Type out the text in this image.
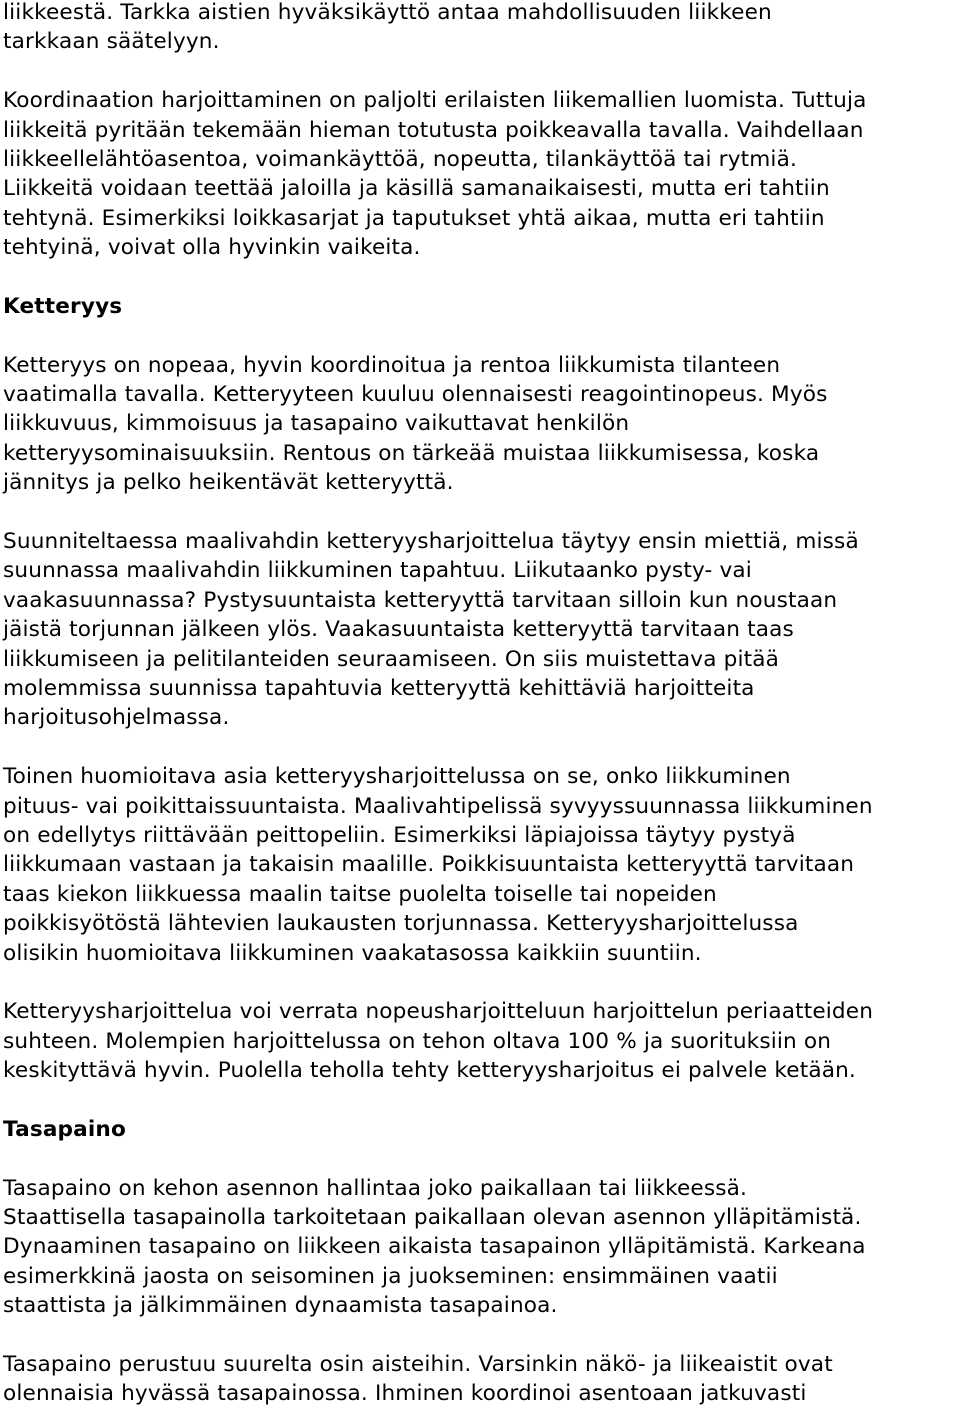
liikkeestä. Tarkka aistien hyväksikäyttö antaa mahdollisuuden liikkeen
tarkkaan säätelyyn.
Koordinaation harjoittaminen on paljolti erilaisten liikemallien luomista. Tuttuja
liikkeitä pyritään tekemään hieman totutusta poikkeavalla tavalla. Vaihdellaan
liikkeellelähtöasentoa, voimankäyttöä, nopeutta, tilankäyttöä tai rytmiä.
Liikkeitä voidaan teettää jaloilla ja käsillä samanaikaisesti, mutta eri tahtiin
tehtynä. Esimerkiksi loikkasarjat ja taputukset yhtä aikaa, mutta eri tahtiin
tehtyinä, voivat olla hyvinkin vaikeita.
Ketteryys
Ketteryys on nopeaa, hyvin koordinoitua ja rentoa liikkumista tilanteen
vaatimalla tavalla. Ketteryyteen kuuluu olennaisesti reagointinopeus. Myös
liikkuvuus, kimmoisuus ja tasapaino vaikuttavat henkilön
ketteryysominaisuuksiin. Rentous on tärkeää muistaa liikkumisessa, koska
jännitys ja pelko heikentävät ketteryyttä.
Suunniteltaessa maalivahdin ketteryysharjoittelua täytyy ensin miettiä, missä
suunnassa maalivahdin liikkuminen tapahtuu. Liikutaanko pysty- vai
vaakasuunnassa? Pystysuuntaista ketteryyttä tarvitaan silloin kun noustaan
jäistä torjunnan jälkeen ylös. Vaakasuuntaista ketteryyttä tarvitaan taas
liikkumiseen ja pelitilanteiden seuraamiseen. On siis muistettava pitää
molemmissa suunnissa tapahtuvia ketteryyttä kehittäviä harjoitteita
harjoitusohjelmassa.
Toinen huomioitava asia ketteryysharjoittelussa on se, onko liikkuminen
pituus- vai poikittaissuuntaista. Maalivahtipelissä syvyyssuunnassa liikkuminen
on edellytys riittävään peittopeliin. Esimerkiksi läpiajoissa täytyy pystyä
liikkumaan vastaan ja takaisin maalille. Poikkisuuntaista ketteryyttä tarvitaan
taas kiekon liikkuessa maalin taitse puolelta toiselle tai nopeiden
poikkisyötöstä lähtevien laukausten torjunnassa. Ketteryysharjoittelussa
olisikin huomioitava liikkuminen vaakatasossa kaikkiin suuntiin.
Ketteryysharjoittelua voi verrata nopeusharjoitteluun harjoittelun periaatteiden
suhteen. Molempien harjoittelussa on tehon oltava 100 % ja suorituksiin on
keskityttävä hyvin. Puolella teholla tehty ketteryysharjoitus ei palvele ketään.
Tasapaino
Tasapaino on kehon asennon hallintaa joko paikallaan tai liikkeessä.
Staattisella tasapainolla tarkoitetaan paikallaan olevan asennon ylläpitämistä.
Dynaaminen tasapaino on liikkeen aikaista tasapainon ylläpitämistä. Karkeana
esimerkkinä jaosta on seisominen ja juokseminen: ensimmäinen vaatii
staattista ja jälkimmäinen dynaamista tasapainoa.
Tasapaino perustuu suurelta osin aisteihin. Varsinkin näkö- ja liikeaistit ovat
olennaisia hyvässä tasapainossa. Ihminen koordinoi asentoaan jatkuvasti
